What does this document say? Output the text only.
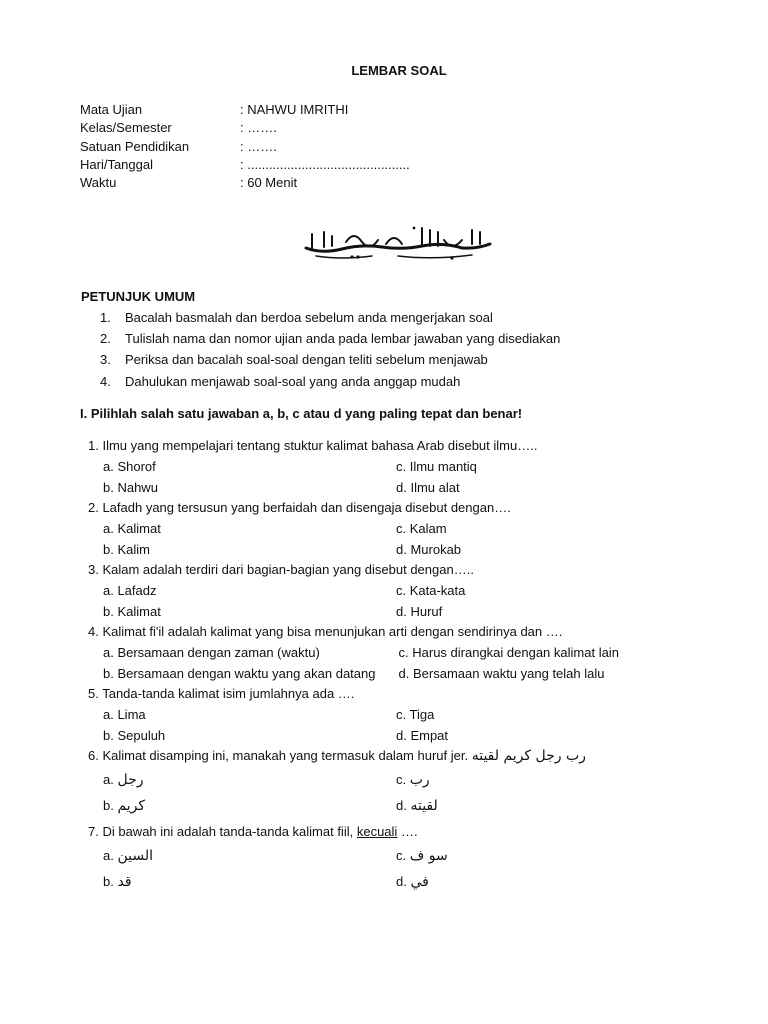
LEMBAR SOAL
Mata Ujian	: NAHWU IMRITHI
Kelas/Semester	: …….
Satuan Pendidikan	: …….
Hari/Tanggal	: .............................................
Waktu	: 60 Menit
PETUNJUK UMUM
1.	Bacalah basmalah dan berdoa sebelum anda mengerjakan soal
2.	Tulislah nama dan nomor ujian anda pada lembar jawaban yang disediakan
3.	Periksa dan bacalah soal-soal dengan teliti sebelum menjawab
4.	Dahulukan menjawab soal-soal yang anda anggap mudah
I. Pilihlah salah satu jawaban a, b, c atau d yang paling tepat dan benar!
1. Ilmu yang mempelajari tentang stuktur kalimat bahasa Arab disebut ilmu…..
a. Shorof	c. Ilmu mantiq
b. Nahwu	d. Ilmu alat
2. Lafadh yang tersusun yang berfaidah dan disengaja disebut dengan….
a. Kalimat	c. Kalam
b. Kalim	d. Murokab
3. Kalam adalah terdiri dari bagian-bagian yang disebut dengan…..
a. Lafadz	c. Kata-kata
b. Kalimat	d. Huruf
4. Kalimat fi'il adalah kalimat yang bisa menunjukan arti dengan sendirinya dan ….
a. Bersamaan dengan zaman (waktu)	c. Harus dirangkai dengan kalimat lain
b. Bersamaan dengan waktu yang akan datang	d. Bersamaan waktu yang telah lalu
5. Tanda-tanda kalimat isim jumlahnya ada ….
a. Lima	c. Tiga
b. Sepuluh	d. Empat
6. Kalimat disamping ini, manakah yang termasuk dalam huruf jer. رب رجل كريم لقيته
a. رجل	c. رب
b. كريم	d. لقيته
7. Di bawah ini adalah tanda-tanda kalimat fiil, kecuali ….
a. السين	c. سو ف
b. قد	d. في
